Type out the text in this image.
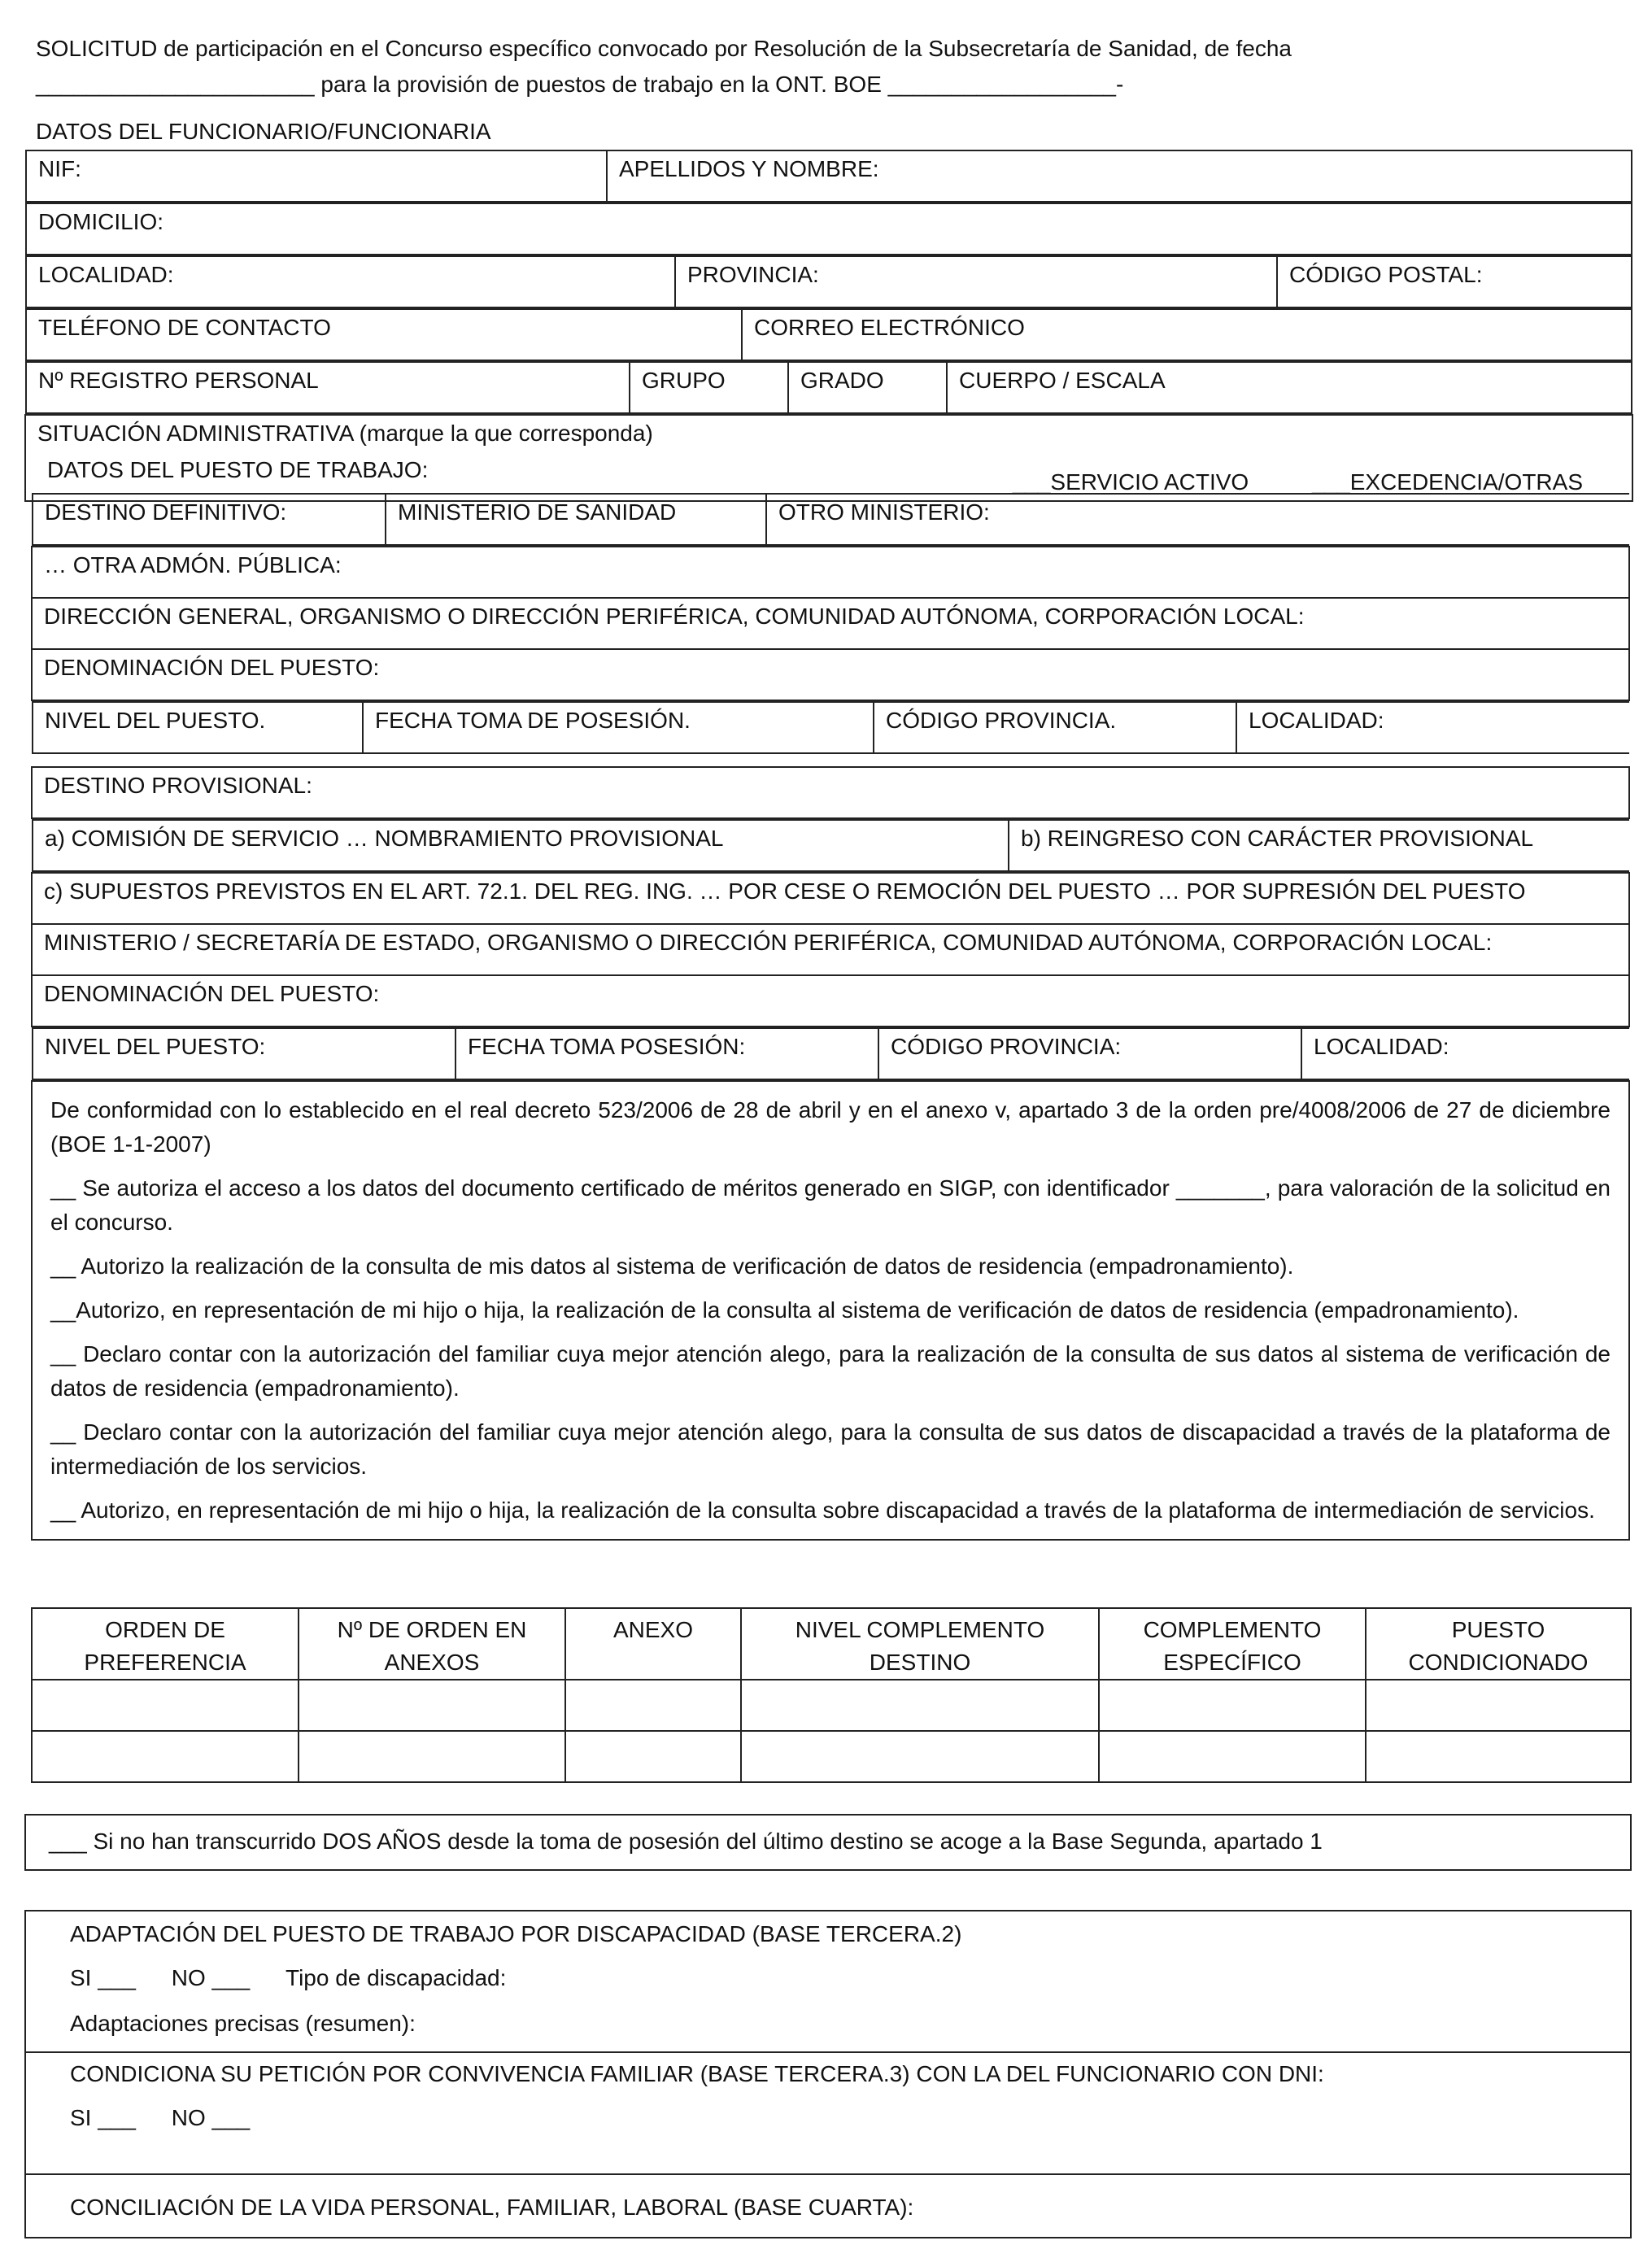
SOLICITUD de participación en el Concurso específico convocado por Resolución de la Subsecretaría de Sanidad, de fecha
______________________ para la provisión de puestos de trabajo en la ONT. BOE __________________-
DATOS DEL FUNCIONARIO/FUNCIONARIA
NIF:	APELLIDOS Y NOMBRE:

DOMICILIO:

LOCALIDAD:	PROVINCIA:	CÓDIGO POSTAL:

TELÉFONO DE CONTACTO	CORREO ELECTRÓNICO

Nº REGISTRO PERSONAL	GRUPO	GRADO	CUERPO / ESCALA

SITUACIÓN ADMINISTRATIVA (marque la que corresponda)
___SERVICIO ACTIVO	___EXCEDENCIA/OTRAS
DATOS DEL PUESTO DE TRABAJO:
DESTINO DEFINITIVO:	MINISTERIO DE SANIDAD	OTRO MINISTERIO:

… OTRA ADMÓN. PÚBLICA:
DIRECCIÓN GENERAL, ORGANISMO O DIRECCIÓN PERIFÉRICA, COMUNIDAD AUTÓNOMA, CORPORACIÓN LOCAL:
DENOMINACIÓN DEL PUESTO:

NIVEL DEL PUESTO.	FECHA TOMA DE POSESIÓN.	CÓDIGO PROVINCIA.	LOCALIDAD:
DESTINO PROVISIONAL:

a) COMISIÓN DE SERVICIO … NOMBRAMIENTO PROVISIONAL	b) REINGRESO CON CARÁCTER PROVISIONAL

c) SUPUESTOS PREVISTOS EN EL ART. 72.1. DEL REG. ING. … POR CESE O REMOCIÓN DEL PUESTO … POR SUPRESIÓN DEL PUESTO
MINISTERIO / SECRETARÍA DE ESTADO, ORGANISMO O DIRECCIÓN PERIFÉRICA, COMUNIDAD AUTÓNOMA, CORPORACIÓN LOCAL:
DENOMINACIÓN DEL PUESTO:

NIVEL DEL PUESTO:	FECHA TOMA POSESIÓN:	CÓDIGO PROVINCIA:	LOCALIDAD:

De conformidad con lo establecido en el real decreto 523/2006 de 28 de abril y en el anexo v, apartado 3 de la orden pre/4008/2006 de 27 de diciembre (BOE 1-1-2007)

__ Se autoriza el acceso a los datos del documento certificado de méritos generado en SIGP, con identificador _______, para valoración de la solicitud en el concurso.

__ Autorizo la realización de la consulta de mis datos al sistema de verificación de datos de residencia (empadronamiento).

__Autorizo, en representación de mi hijo o hija, la realización de la consulta al sistema de verificación de datos de residencia (empadronamiento).

__ Declaro contar con la autorización del familiar cuya mejor atención alego, para la realización de la consulta de sus datos al sistema de verificación de datos de residencia (empadronamiento).

__ Declaro contar con la autorización del familiar cuya mejor atención alego, para la consulta de sus datos de discapacidad a través de la plataforma de intermediación de los servicios.

__ Autorizo, en representación de mi hijo o hija, la realización de la consulta sobre discapacidad a través de la plataforma de intermediación de servicios.

ORDEN DE PREFERENCIA	Nº DE ORDEN EN ANEXOS	ANEXO	NIVEL COMPLEMENTO DESTINO	COMPLEMENTO ESPECÍFICO	PUESTO CONDICIONADO

___ Si no han transcurrido DOS AÑOS desde la toma de posesión del último destino se acoge a la Base Segunda, apartado 1
ADAPTACIÓN DEL PUESTO DE TRABAJO POR DISCAPACIDAD (BASE TERCERA.2)
SI ___ NO ___ Tipo de discapacidad:
Adaptaciones precisas (resumen):
CONDICIONA SU PETICIÓN POR CONVIVENCIA FAMILIAR (BASE TERCERA.3) CON LA DEL FUNCIONARIO CON DNI:
SI ___ NO ___
CONCILIACIÓN DE LA VIDA PERSONAL, FAMILIAR, LABORAL (BASE CUARTA):
